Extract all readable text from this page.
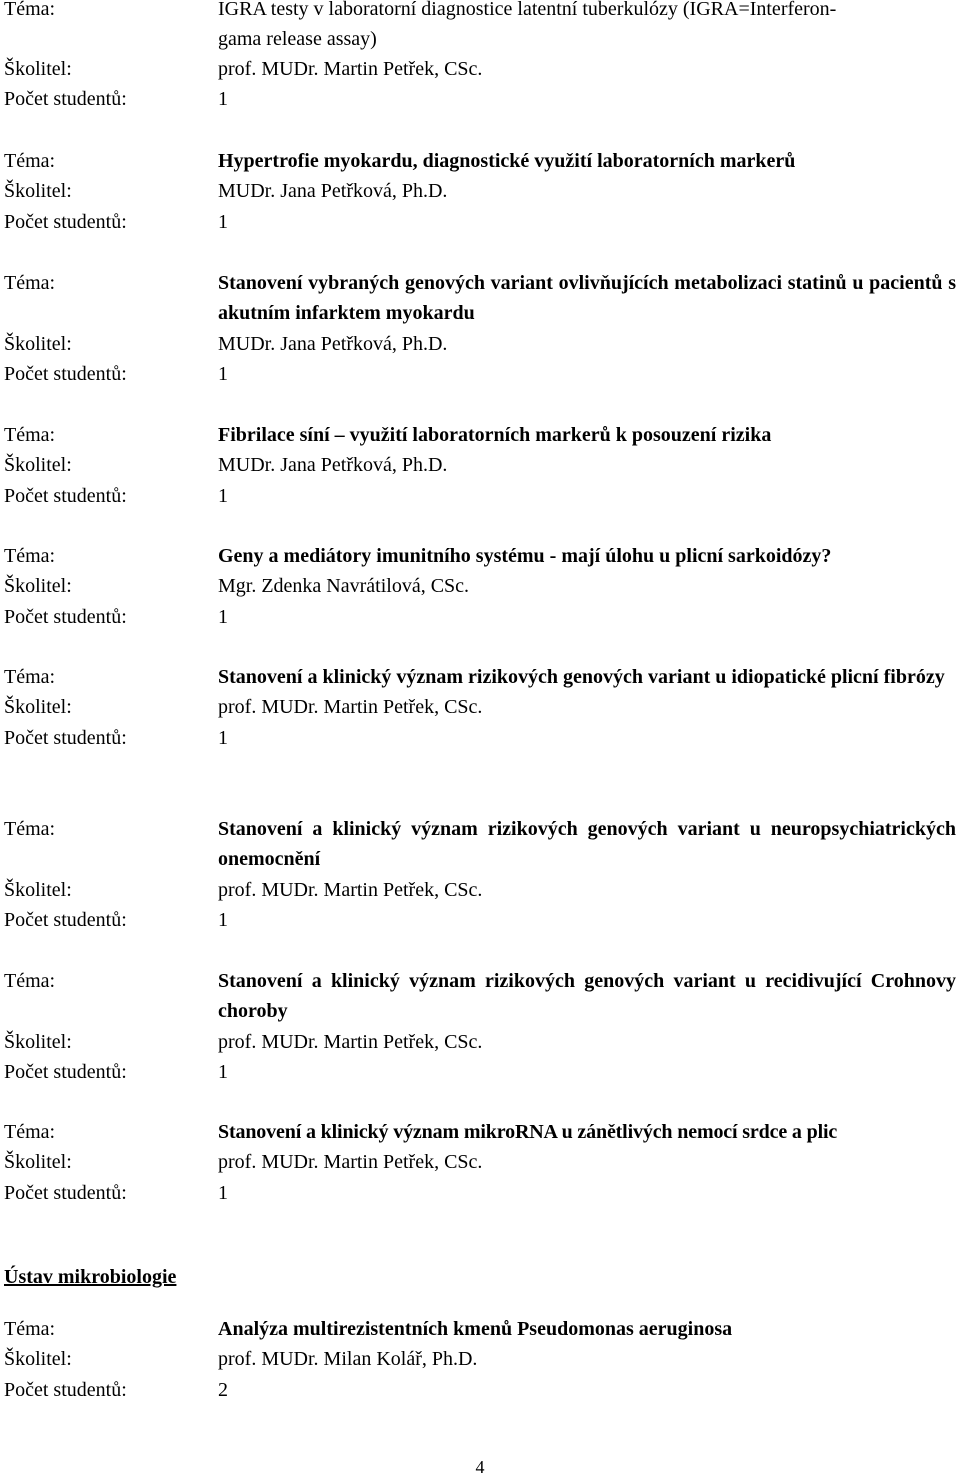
Téma:	IGRA testy v laboratorní diagnostice latentní tuberkulózy (IGRA=Interferon-
gama release assay)
Školitel:	prof. MUDr. Martin Petřek, CSc.
Počet studentů:	1
Téma:	Hypertrofie myokardu, diagnostické využití laboratorních markerů
Školitel:	MUDr. Jana Petřková, Ph.D.
Počet studentů:	1
Téma:	Stanovení vybraných genových variant ovlivňujících metabolizaci statinů u pacientů s akutním infarktem myokardu
Školitel:	MUDr. Jana Petřková, Ph.D.
Počet studentů:	1
Téma:	Fibrilace síní – využití laboratorních markerů k posouzení rizika
Školitel:	MUDr. Jana Petřková, Ph.D.
Počet studentů:	1
Téma:	Geny a mediátory imunitního systému - mají úlohu u plicní sarkoidózy?
Školitel:	Mgr. Zdenka Navrátilová, CSc.
Počet studentů:	1
Téma:	Stanovení a klinický význam rizikových genových variant u idiopatické plicní fibrózy
Školitel:	prof. MUDr. Martin Petřek, CSc.
Počet studentů:	1
Téma:	Stanovení a klinický význam rizikových genových variant u neuropsychiatrických onemocnění
Školitel:	prof. MUDr. Martin Petřek, CSc.
Počet studentů:	1
Téma:	Stanovení a klinický význam rizikových genových variant u recidivující Crohnovy choroby
Školitel:	prof. MUDr. Martin Petřek, CSc.
Počet studentů:	1
Téma:	Stanovení a klinický význam mikroRNA u zánětlivých nemocí srdce a plic
Školitel:	prof. MUDr. Martin Petřek, CSc.
Počet studentů:	1
Ústav mikrobiologie
Téma:	Analýza multirezistentních kmenů Pseudomonas aeruginosa
Školitel:	prof. MUDr. Milan Kolář, Ph.D.
Počet studentů:	2
4
